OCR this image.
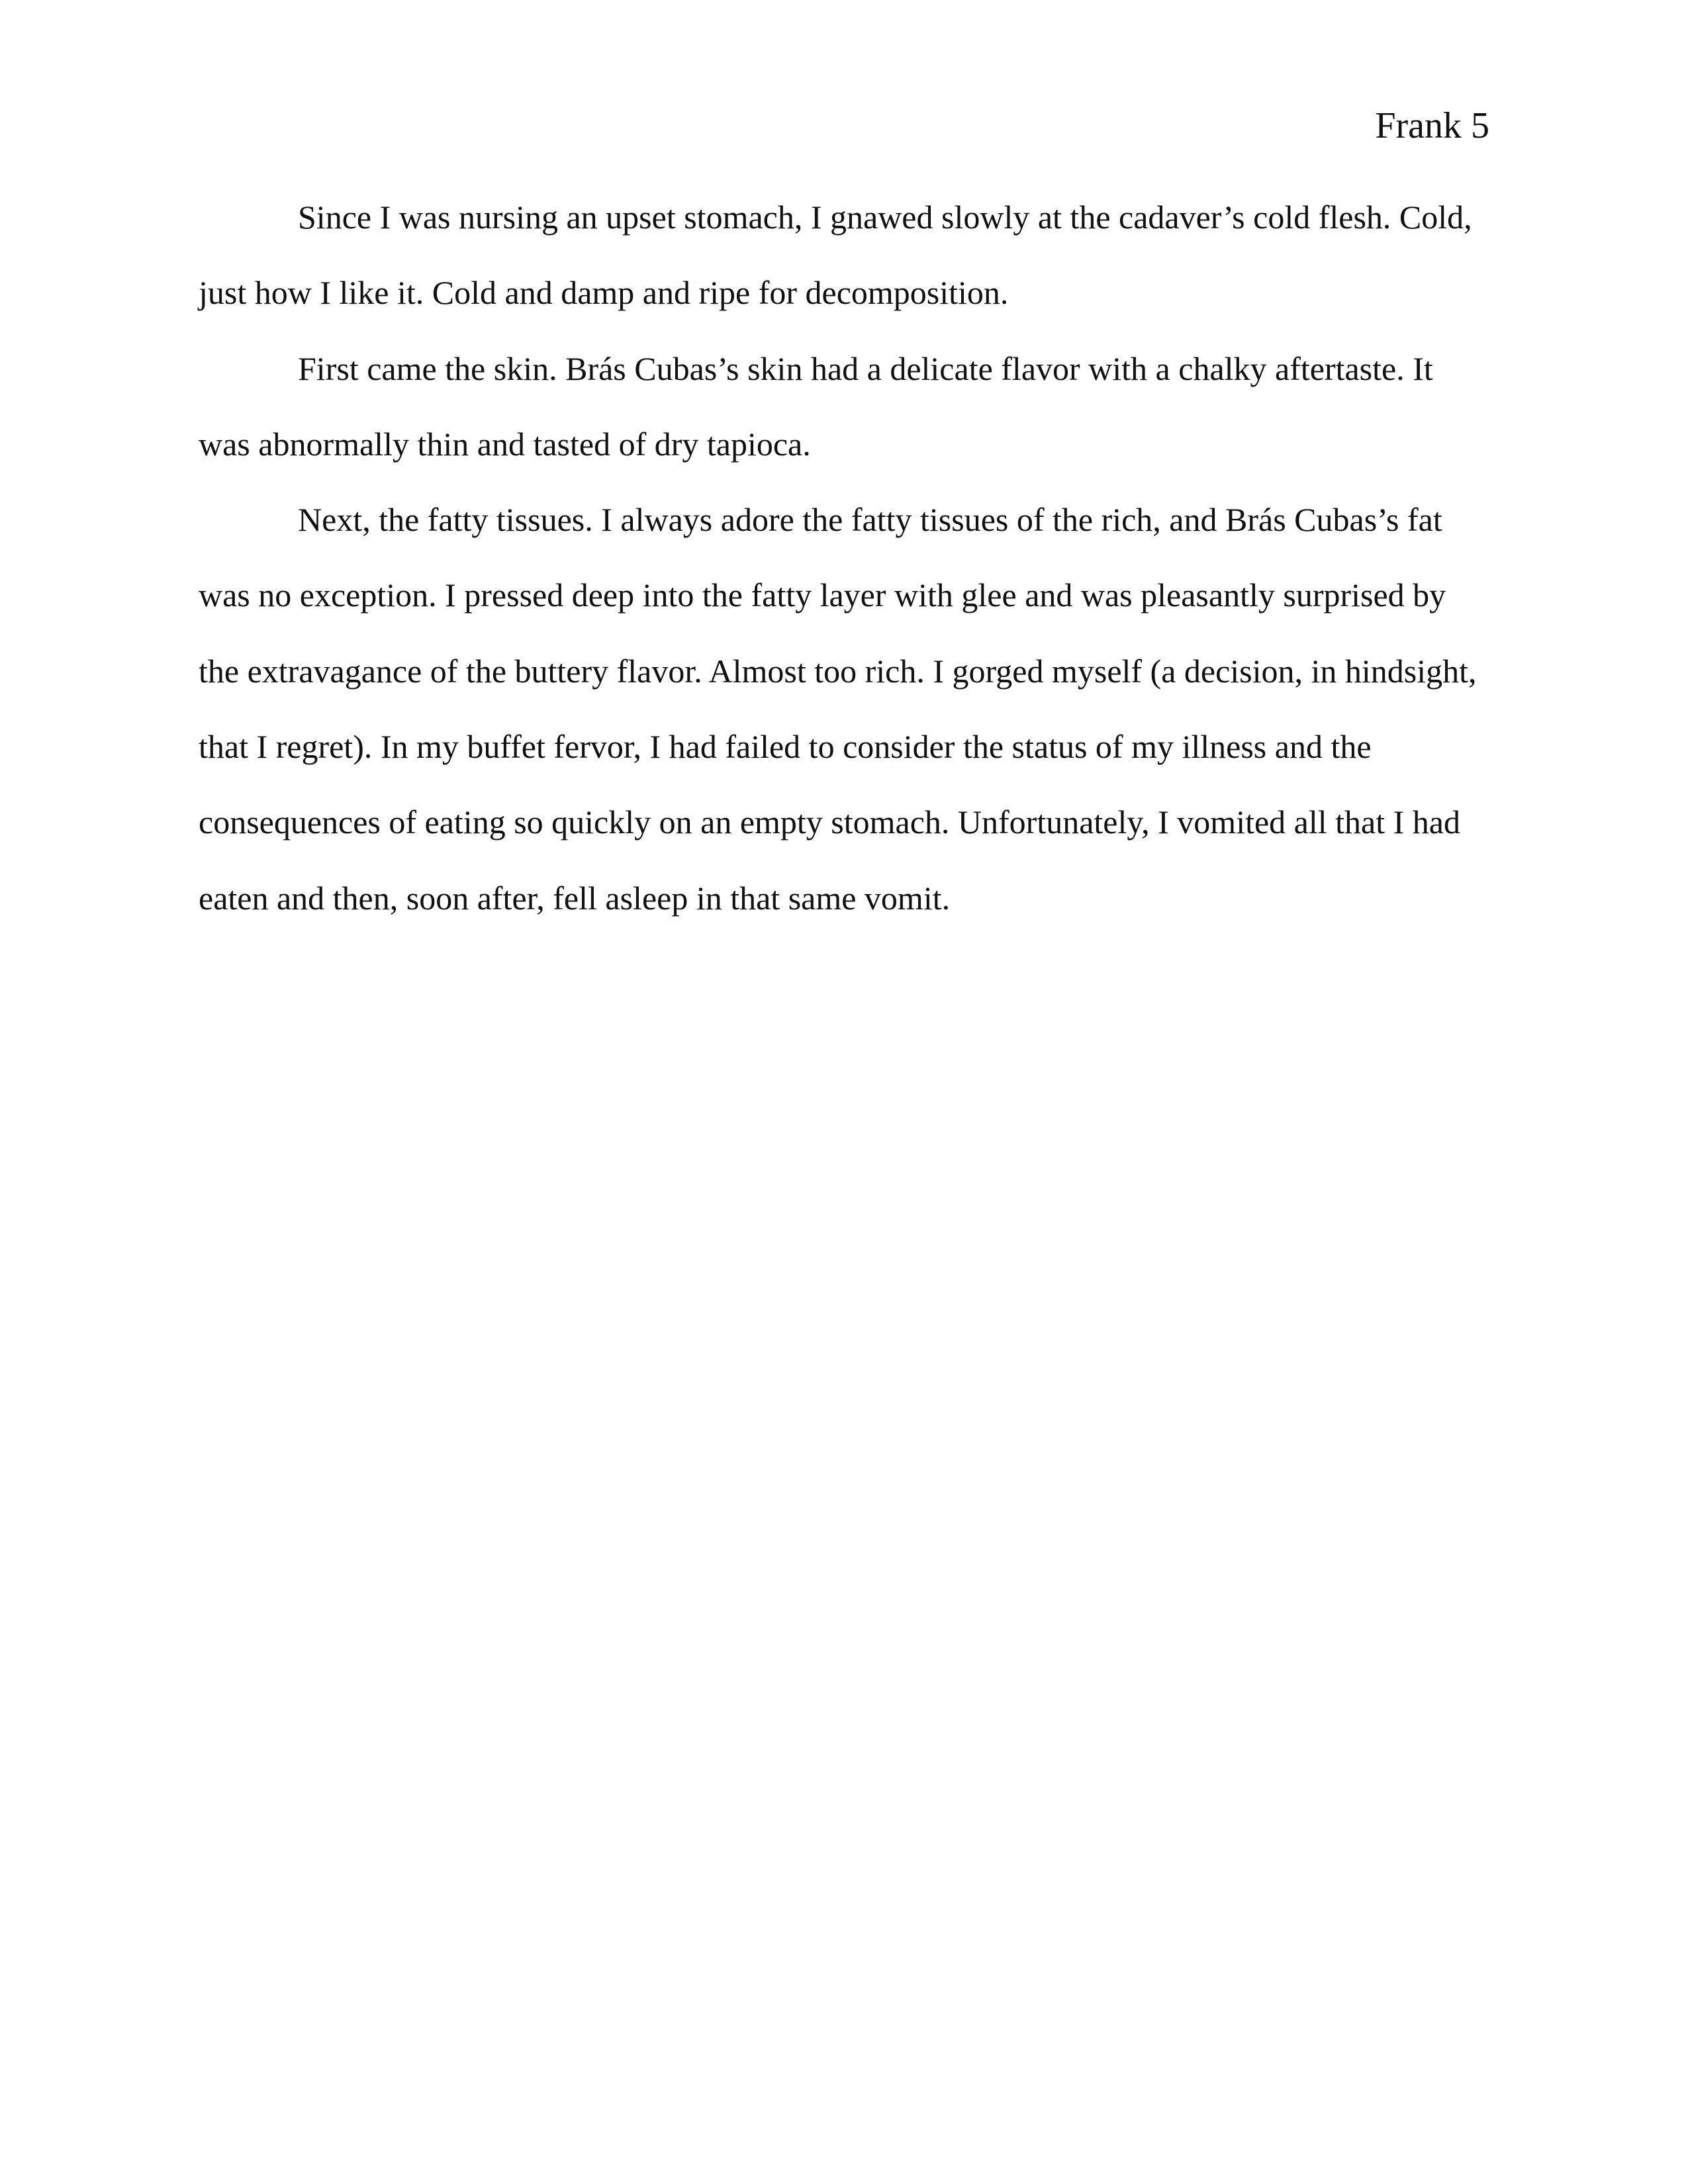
Frank 5
Since I was nursing an upset stomach, I gnawed slowly at the cadaver’s cold flesh. Cold,
just how I like it. Cold and damp and ripe for decomposition.
First came the skin. Brás Cubas’s skin had a delicate flavor with a chalky aftertaste. It
was abnormally thin and tasted of dry tapioca.
Next, the fatty tissues. I always adore the fatty tissues of the rich, and Brás Cubas’s fat
was no exception. I pressed deep into the fatty layer with glee and was pleasantly surprised by
the extravagance of the buttery flavor. Almost too rich. I gorged myself (a decision, in hindsight,
that I regret). In my buffet fervor, I had failed to consider the status of my illness and the
consequences of eating so quickly on an empty stomach. Unfortunately, I vomited all that I had
eaten and then, soon after, fell asleep in that same vomit.
